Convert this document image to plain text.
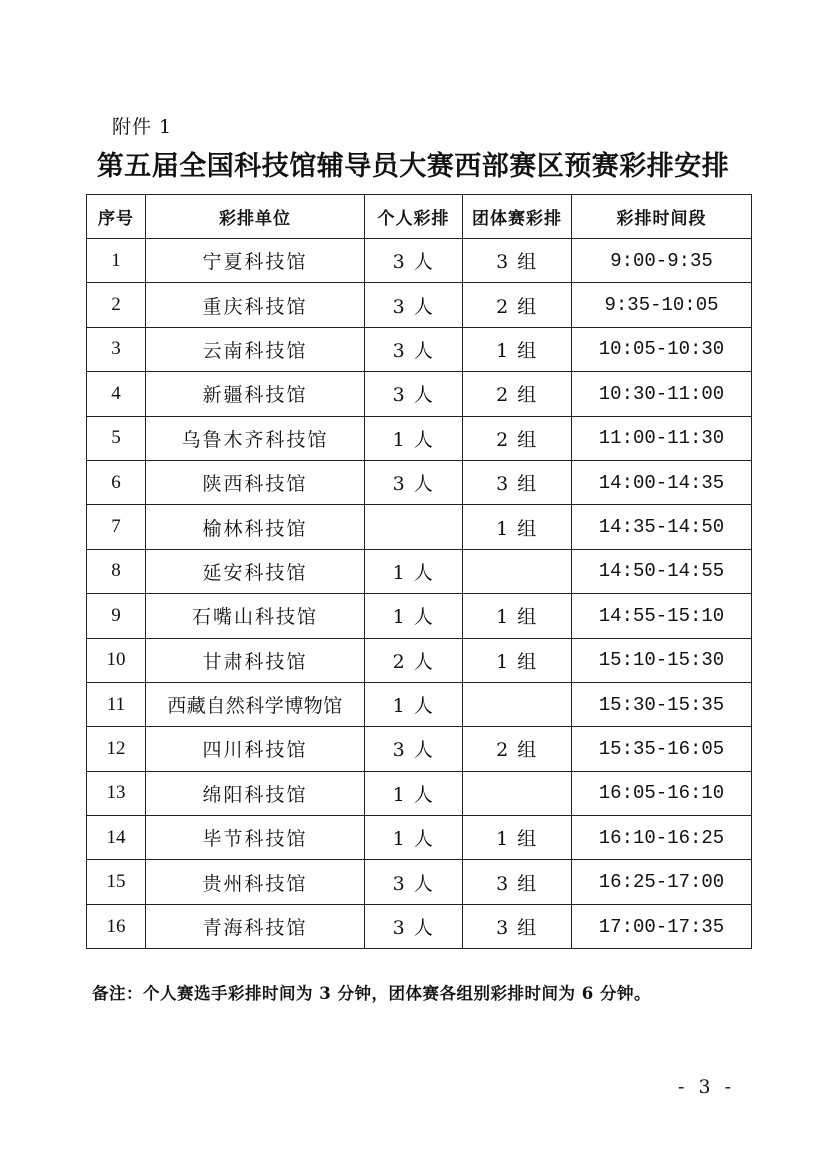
附件 1
第五届全国科技馆辅导员大赛西部赛区预赛彩排安排
序号	彩排单位	个人彩排	团体赛彩排	彩排时间段
1	宁夏科技馆	3 人	3 组	9:00-9:35
2	重庆科技馆	3 人	2 组	9:35-10:05
3	云南科技馆	3 人	1 组	10:05-10:30
4	新疆科技馆	3 人	2 组	10:30-11:00
5	乌鲁木齐科技馆	1 人	2 组	11:00-11:30
6	陕西科技馆	3 人	3 组	14:00-14:35
7	榆林科技馆		1 组	14:35-14:50
8	延安科技馆	1 人		14:50-14:55
9	石嘴山科技馆	1 人	1 组	14:55-15:10
10	甘肃科技馆	2 人	1 组	15:10-15:30
11	西藏自然科学博物馆	1 人		15:30-15:35
12	四川科技馆	3 人	2 组	15:35-16:05
13	绵阳科技馆	1 人		16:05-16:10
14	毕节科技馆	1 人	1 组	16:10-16:25
15	贵州科技馆	3 人	3 组	16:25-17:00
16	青海科技馆	3 人	3 组	17:00-17:35
备注：个人赛选手彩排时间为 3 分钟，团体赛各组别彩排时间为 6 分钟。
- 3 -
